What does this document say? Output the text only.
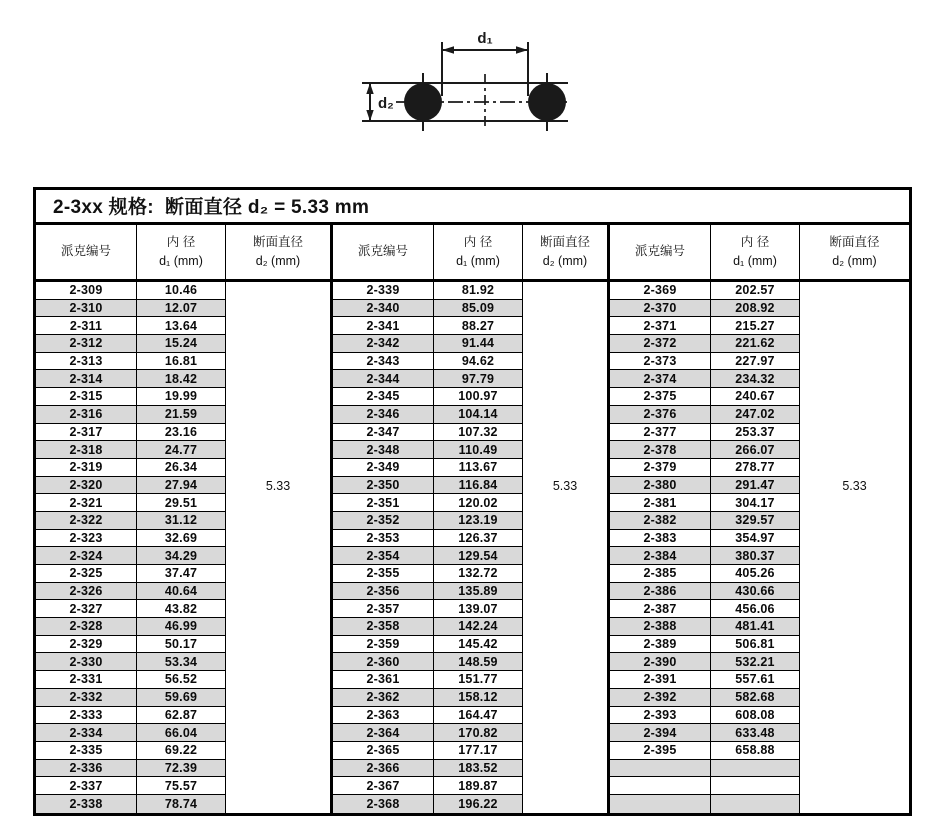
d₁
d₂
2-3xx 规格:  断面直径 d₂ = 5.33 mm
派克编号
内 径
d₁ (mm)
断面直径
d₂ (mm)
2-309	10.46
2-310	12.07
2-311	13.64
2-312	15.24
2-313	16.81
2-314	18.42
2-315	19.99
2-316	21.59
2-317	23.16
2-318	24.77
2-319	26.34
2-320	27.94
2-321	29.51
2-322	31.12
2-323	32.69
2-324	34.29
2-325	37.47
2-326	40.64
2-327	43.82
2-328	46.99
2-329	50.17
2-330	53.34
2-331	56.52
2-332	59.69
2-333	62.87
2-334	66.04
2-335	69.22
2-336	72.39
2-337	75.57
2-338	78.74
5.33
派克编号
内 径
d₁ (mm)
断面直径
d₂ (mm)
2-339	81.92
2-340	85.09
2-341	88.27
2-342	91.44
2-343	94.62
2-344	97.79
2-345	100.97
2-346	104.14
2-347	107.32
2-348	110.49
2-349	113.67
2-350	116.84
2-351	120.02
2-352	123.19
2-353	126.37
2-354	129.54
2-355	132.72
2-356	135.89
2-357	139.07
2-358	142.24
2-359	145.42
2-360	148.59
2-361	151.77
2-362	158.12
2-363	164.47
2-364	170.82
2-365	177.17
2-366	183.52
2-367	189.87
2-368	196.22
5.33
派克编号
内 径
d₁ (mm)
断面直径
d₂ (mm)
2-369	202.57
2-370	208.92
2-371	215.27
2-372	221.62
2-373	227.97
2-374	234.32
2-375	240.67
2-376	247.02
2-377	253.37
2-378	266.07
2-379	278.77
2-380	291.47
2-381	304.17
2-382	329.57
2-383	354.97
2-384	380.37
2-385	405.26
2-386	430.66
2-387	456.06
2-388	481.41
2-389	506.81
2-390	532.21
2-391	557.61
2-392	582.68
2-393	608.08
2-394	633.48
2-395	658.88
5.33
